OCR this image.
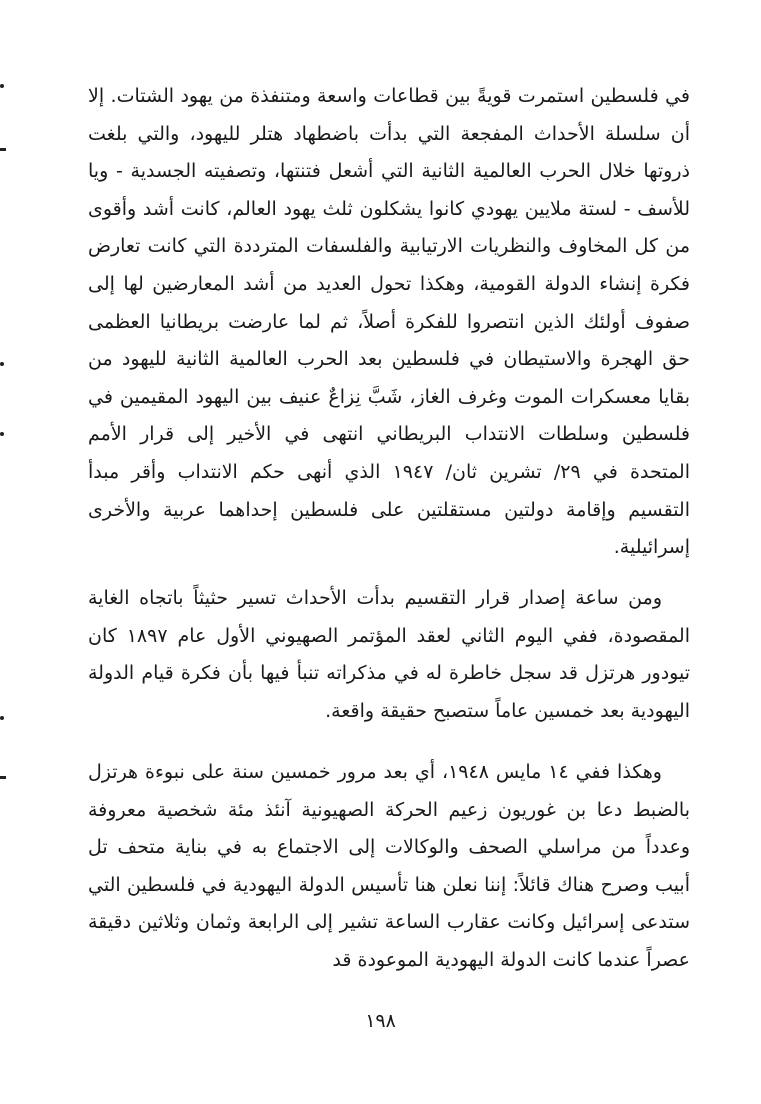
في فلسطين استمرت قويةً بين قطاعات واسعة ومتنفذة من يهود الشتات. إلا أن سلسلة الأحداث المفجعة التي بدأت باضطهاد هتلر لليهود، والتي بلغت ذروتها خلال الحرب العالمية الثانية التي أشعل فتنتها، وتصفيته الجسدية - ويا للأسف - لستة ملايين يهودي كانوا يشكلون ثلث يهود العالم، كانت أشد وأقوى من كل المخاوف والنظريات الارتيابية والفلسفات المترددة التي كانت تعارض فكرة إنشاء الدولة القومية، وهكذا تحول العديد من أشد المعارضين لها إلى صفوف أولئك الذين انتصروا للفكرة أصلاً، ثم لما عارضت بريطانيا العظمى حق الهجرة والاستيطان في فلسطين بعد الحرب العالمية الثانية لليهود من بقايا معسكرات الموت وغرف الغاز، شَبَّ نِزاعٌ عنيف بين اليهود المقيمين في فلسطين وسلطات الانتداب البريطاني انتهى في الأخير إلى قرار الأمم المتحدة في ٢٩/ تشرين ثان/ ١٩٤٧ الذي أنهى حكم الانتداب وأقر مبدأ التقسيم وإقامة دولتين مستقلتين على فلسطين إحداهما عربية والأخرى إسرائيلية.

ومن ساعة إصدار قرار التقسيم بدأت الأحداث تسير حثيثاً باتجاه الغاية المقصودة، ففي اليوم الثاني لعقد المؤتمر الصهيوني الأول عام ١٨٩٧ كان تيودور هرتزل قد سجل خاطرة له في مذكراته تنبأ فيها بأن فكرة قيام الدولة اليهودية بعد خمسين عاماً ستصبح حقيقة واقعة.

وهكذا ففي ١٤ مايس ١٩٤٨، أي بعد مرور خمسين سنة على نبوءة هرتزل بالضبط دعا بن غوريون زعيم الحركة الصهيونية آنئذ مئة شخصية معروفة وعدداً من مراسلي الصحف والوكالات إلى الاجتماع به في بناية متحف تل أبيب وصرح هناك قائلاً: إننا نعلن هنا تأسيس الدولة اليهودية في فلسطين التي ستدعى إسرائيل وكانت عقارب الساعة تشير إلى الرابعة وثمان وثلاثين دقيقة عصراً عندما كانت الدولة اليهودية الموعودة قد

١٩٨
